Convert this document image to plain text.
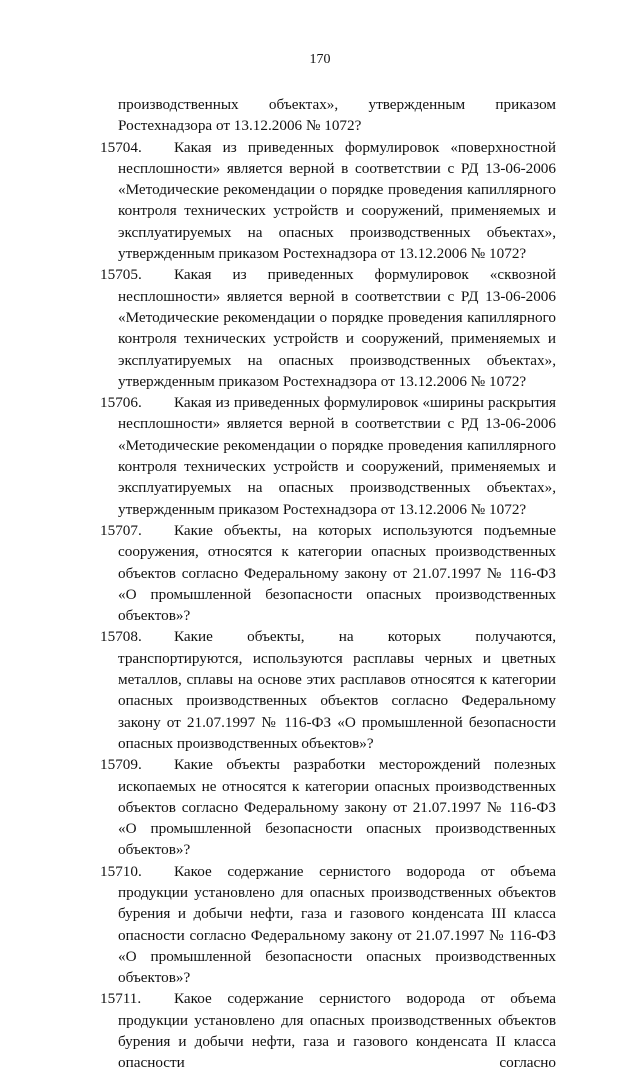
170

производственных объектах», утвержденным приказом Ростехнадзора от 13.12.2006 № 1072?

15704.	Какая из приведенных формулировок «поверхностной несплошности» является верной в соответствии с РД 13-06-2006 «Методические рекомендации о порядке проведения капиллярного контроля технических устройств и сооружений, применяемых и эксплуатируемых на опасных производственных объектах», утвержденным приказом Ростехнадзора от 13.12.2006 № 1072?

15705.	Какая из приведенных формулировок «сквозной несплошности» является верной в соответствии с РД 13-06-2006 «Методические рекомендации о порядке проведения капиллярного контроля технических устройств и сооружений, применяемых и эксплуатируемых на опасных производственных объектах», утвержденным приказом Ростехнадзора от 13.12.2006 № 1072?

15706.	Какая из приведенных формулировок «ширины раскрытия несплошности» является верной в соответствии с РД 13-06-2006 «Методические рекомендации о порядке проведения капиллярного контроля технических устройств и сооружений, применяемых и эксплуатируемых на опасных производственных объектах», утвержденным приказом Ростехнадзора от 13.12.2006 № 1072?

15707.	Какие объекты, на которых используются подъемные сооружения, относятся к категории опасных производственных объектов согласно Федеральному закону от 21.07.1997 № 116-ФЗ «О промышленной безопасности опасных производственных объектов»?

15708.	Какие объекты, на которых получаются, транспортируются, используются расплавы черных и цветных металлов, сплавы на основе этих расплавов относятся к категории опасных производственных объектов согласно Федеральному закону от 21.07.1997 № 116-ФЗ «О промышленной безопасности опасных производственных объектов»?

15709.	Какие объекты разработки месторождений полезных ископаемых не относятся к категории опасных производственных объектов согласно Федеральному закону от 21.07.1997 № 116-ФЗ «О промышленной безопасности опасных производственных объектов»?

15710.	Какое содержание сернистого водорода от объема продукции установлено для опасных производственных объектов бурения и добычи нефти, газа и газового конденсата III класса опасности согласно Федеральному закону от 21.07.1997 № 116-ФЗ «О промышленной безопасности опасных производственных объектов»?

15711.	Какое содержание сернистого водорода от объема продукции установлено для опасных производственных объектов бурения и добычи нефти, газа и газового конденсата II класса опасности согласно
